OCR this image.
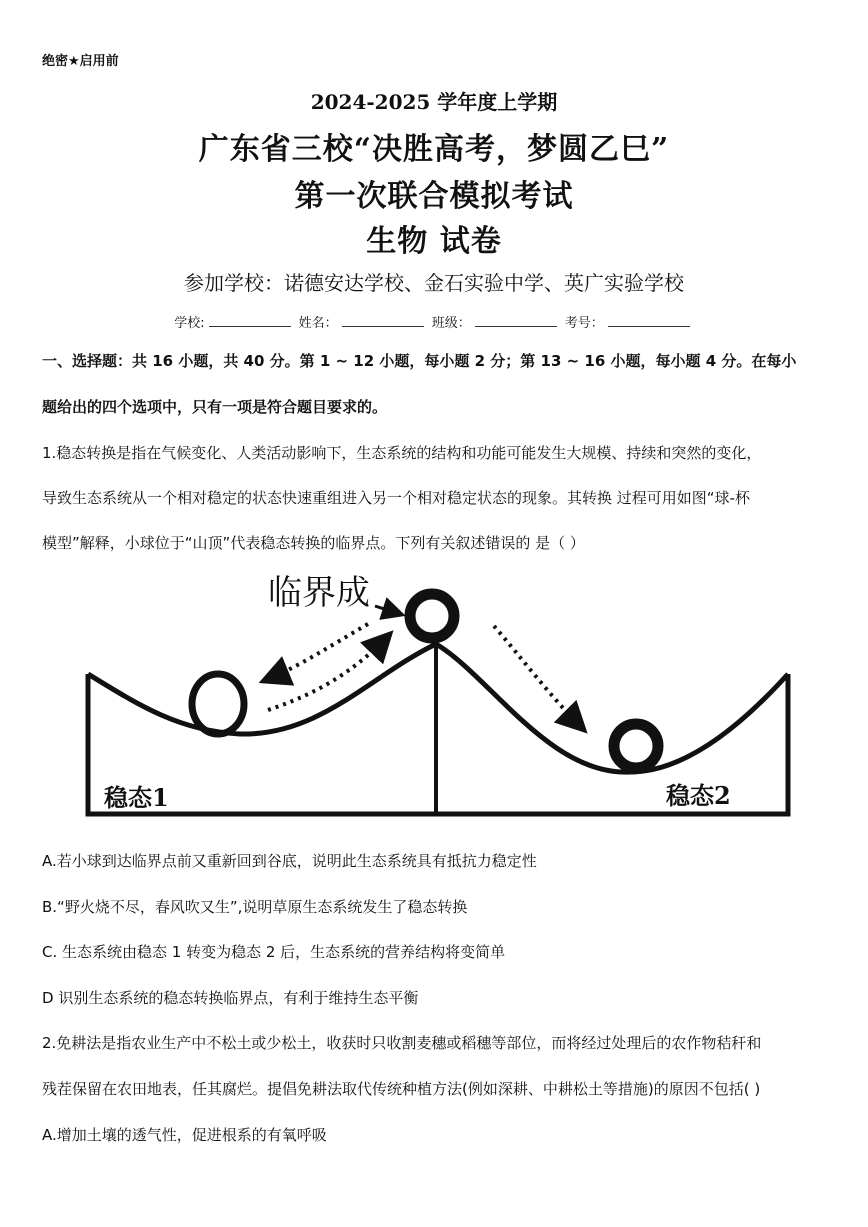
绝密★启用前
2024-2025 学年度上学期
广东省三校“决胜高考，梦圆乙巳”
第一次联合模拟考试
生物 试卷
参加学校：诺德安达学校、金石实验中学、英广实验学校
学校:	姓名：	班级：	考号：
一、选择题：共 16 小题，共 40 分。第 1 ~ 12 小题，每小题 2 分；第 13 ~ 16 小题，每小题 4 分。在每小
题给出的四个选项中，只有一项是符合题目要求的。
1.稳态转换是指在气候变化、人类活动影响下，生态系统的结构和功能可能发生大规模、持续和突然的变化，
导致生态系统从一个相对稳定的状态快速重组进入另一个相对稳定状态的现象。其转换 过程可用如图“球-杯
模型”解释，小球位于“山顶”代表稳态转换的临界点。下列有关叙述错误的 是（ ）
临界成
稳态1	稳态2
A.若小球到达临界点前又重新回到谷底，说明此生态系统具有抵抗力稳定性
B.“野火烧不尽，春风吹又生”,说明草原生态系统发生了稳态转换
C. 生态系统由稳态 1 转变为稳态 2 后，生态系统的营养结构将变简单
D 识别生态系统的稳态转换临界点，有利于维持生态平衡
2.免耕法是指农业生产中不松土或少松土，收获时只收割麦穗或稻穗等部位，而将经过处理后的农作物秸秆和
残茬保留在农田地表，任其腐烂。提倡免耕法取代传统种植方法(例如深耕、中耕松土等措施)的原因不包括( )
A.增加土壤的透气性，促进根系的有氧呼吸
